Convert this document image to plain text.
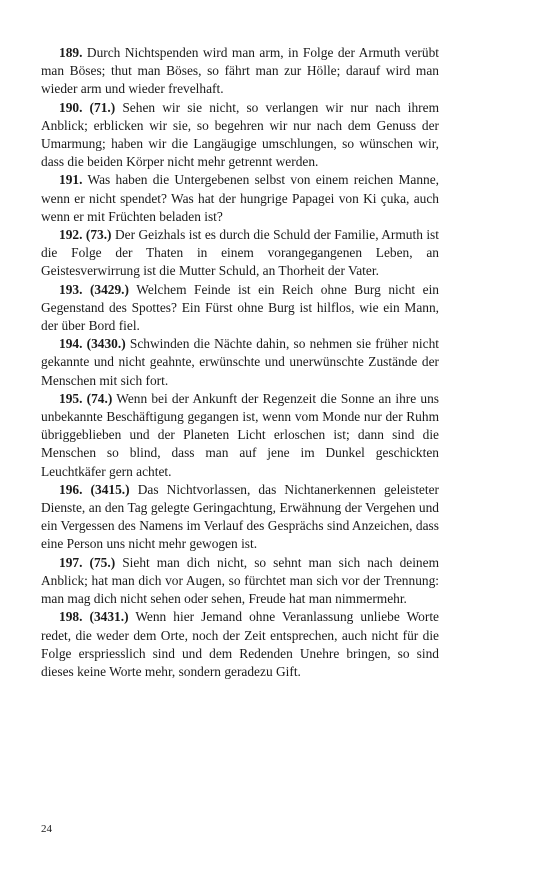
189. Durch Nichtspenden wird man arm, in Folge der Armuth verübt man Böses; thut man Böses, so fährt man zur Hölle; darauf wird man wieder arm und wieder frevelhaft.

190. (71.) Sehen wir sie nicht, so verlangen wir nur nach ihrem Anblick; erblicken wir sie, so begehren wir nur nach dem Genuss der Umarmung; haben wir die Langäugige umschlungen, so wünschen wir, dass die beiden Körper nicht mehr getrennt werden.

191. Was haben die Untergebenen selbst von einem reichen Manne, wenn er nicht spendet? Was hat der hungrige Papagei von Ki çuka, auch wenn er mit Früchten beladen ist?

192. (73.) Der Geizhals ist es durch die Schuld der Familie, Armuth ist die Folge der Thaten in einem vorangegangenen Leben, an Geistesverwirrung ist die Mutter Schuld, an Thorheit der Vater.

193. (3429.) Welchem Feinde ist ein Reich ohne Burg nicht ein Gegenstand des Spottes? Ein Fürst ohne Burg ist hilflos, wie ein Mann, der über Bord fiel.

194. (3430.) Schwinden die Nächte dahin, so nehmen sie früher nicht gekannte und nicht geahnte, erwünschte und unerwünschte Zustände der Menschen mit sich fort.

195. (74.) Wenn bei der Ankunft der Regenzeit die Sonne an ihre uns unbekannte Beschäftigung gegangen ist, wenn vom Monde nur der Ruhm übriggeblieben und der Planeten Licht erloschen ist; dann sind die Menschen so blind, dass man auf jene im Dunkel geschickten Leuchtkäfer gern achtet.

196. (3415.) Das Nichtvorlassen, das Nichtanerkennen geleisteter Dienste, an den Tag gelegte Geringachtung, Erwähnung der Vergehen und ein Vergessen des Namens im Verlauf des Gesprächs sind Anzeichen, dass eine Person uns nicht mehr gewogen ist.

197. (75.) Sieht man dich nicht, so sehnt man sich nach deinem Anblick; hat man dich vor Augen, so fürchtet man sich vor der Trennung: man mag dich nicht sehen oder sehen, Freude hat man nimmermehr.

198. (3431.) Wenn hier Jemand ohne Veranlassung unliebe Worte redet, die weder dem Orte, noch der Zeit entsprechen, auch nicht für die Folge erspriesslich sind und dem Redenden Unehre bringen, so sind dieses keine Worte mehr, sondern geradezu Gift.

24
